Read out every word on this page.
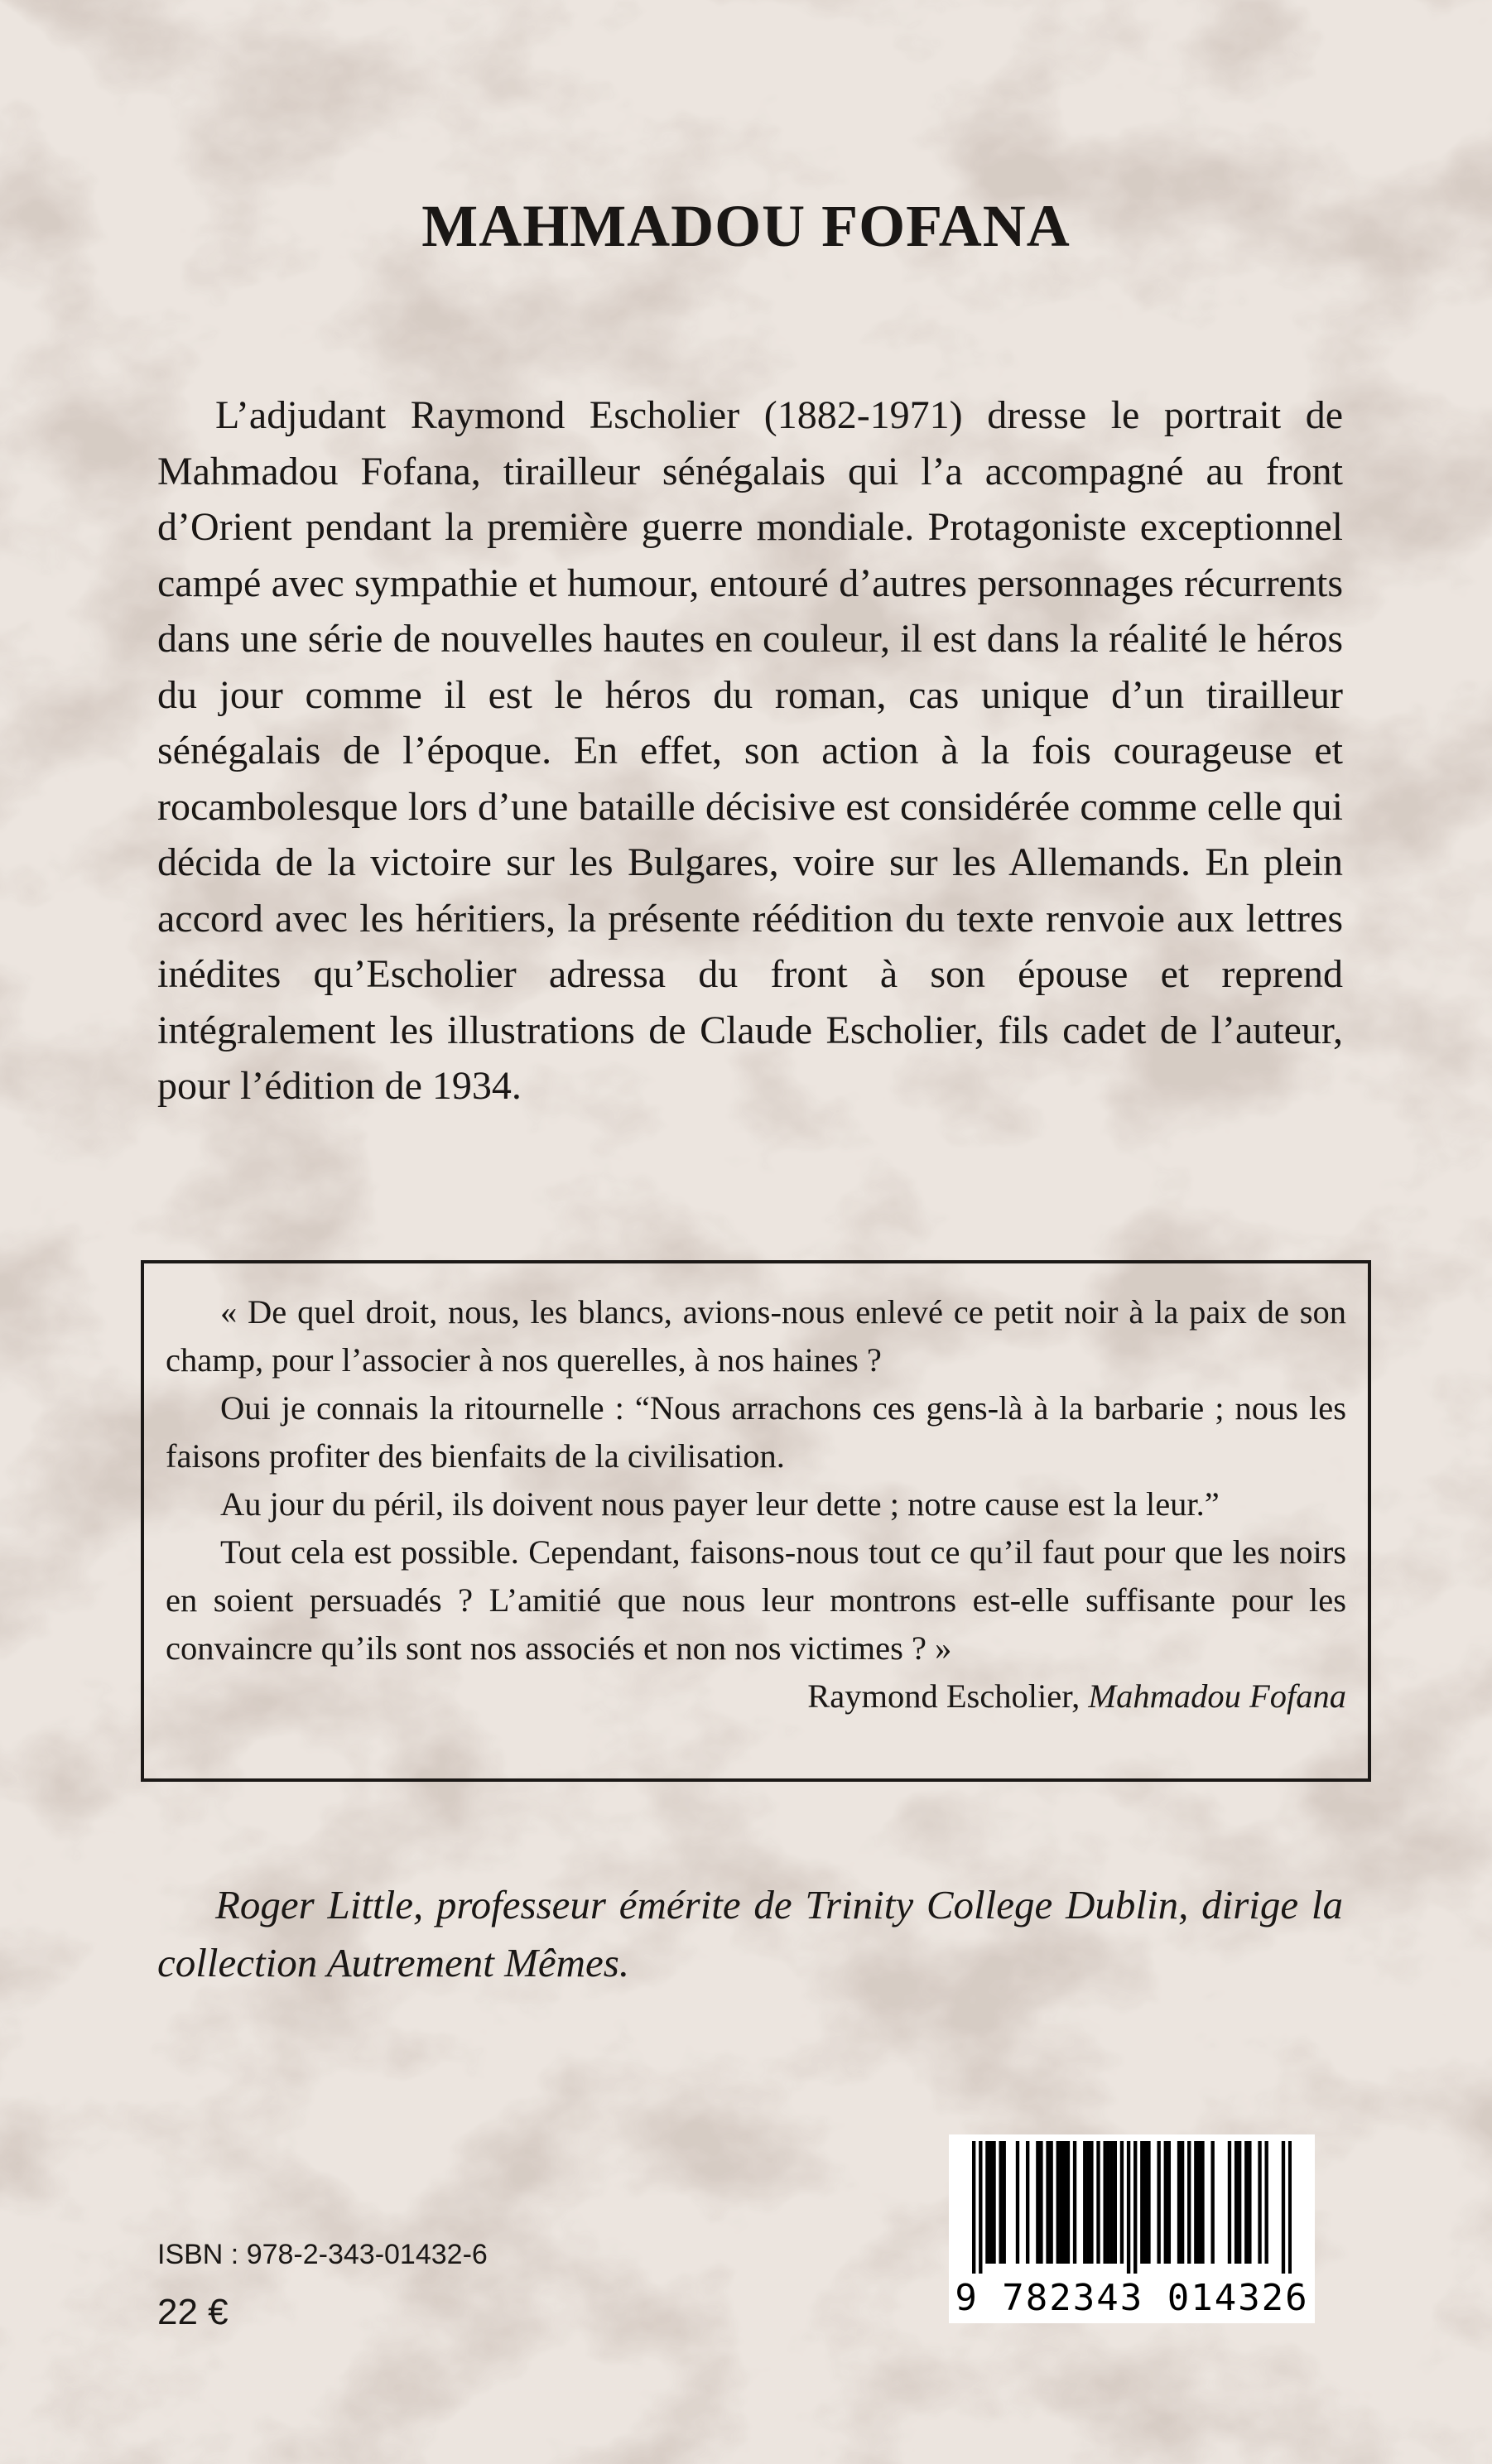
MAHMADOU FOFANA

L’adjudant Raymond Escholier (1882-1971) dresse le portrait de Mahmadou Fofana, tirailleur sénégalais qui l’a accompagné au front d’Orient pendant la première guerre mondiale. Protagoniste exceptionnel campé avec sympathie et humour, entouré d’autres personnages récurrents dans une série de nouvelles hautes en couleur, il est dans la réalité le héros du jour comme il est le héros du roman, cas unique d’un tirailleur sénégalais de l’époque. En effet, son action à la fois courageuse et rocambolesque lors d’une bataille décisive est considérée comme celle qui décida de la victoire sur les Bulgares, voire sur les Allemands. En plein accord avec les héritiers, la présente réédition du texte renvoie aux lettres inédites qu’Escholier adressa du front à son épouse et reprend intégralement les illustrations de Claude Escholier, fils cadet de l’auteur, pour l’édition de 1934.

« De quel droit, nous, les blancs, avions-nous enlevé ce petit noir à la paix de son champ, pour l’associer à nos querelles, à nos haines ?

Oui je connais la ritournelle : “Nous arrachons ces gens-là à la barbarie ; nous les faisons profiter des bienfaits de la civilisation.

Au jour du péril, ils doivent nous payer leur dette ; notre cause est la leur.”

Tout cela est possible. Cependant, faisons-nous tout ce qu’il faut pour que les noirs en soient persuadés ? L’amitié que nous leur montrons est-elle suffisante pour les convaincre qu’ils sont nos associés et non nos victimes ? »

Raymond Escholier, Mahmadou Fofana

Roger Little, professeur émérite de Trinity College Dublin, dirige la collection Autrement Mêmes.

ISBN : 978-2-343-01432-6
22 €	9 782343 014326
